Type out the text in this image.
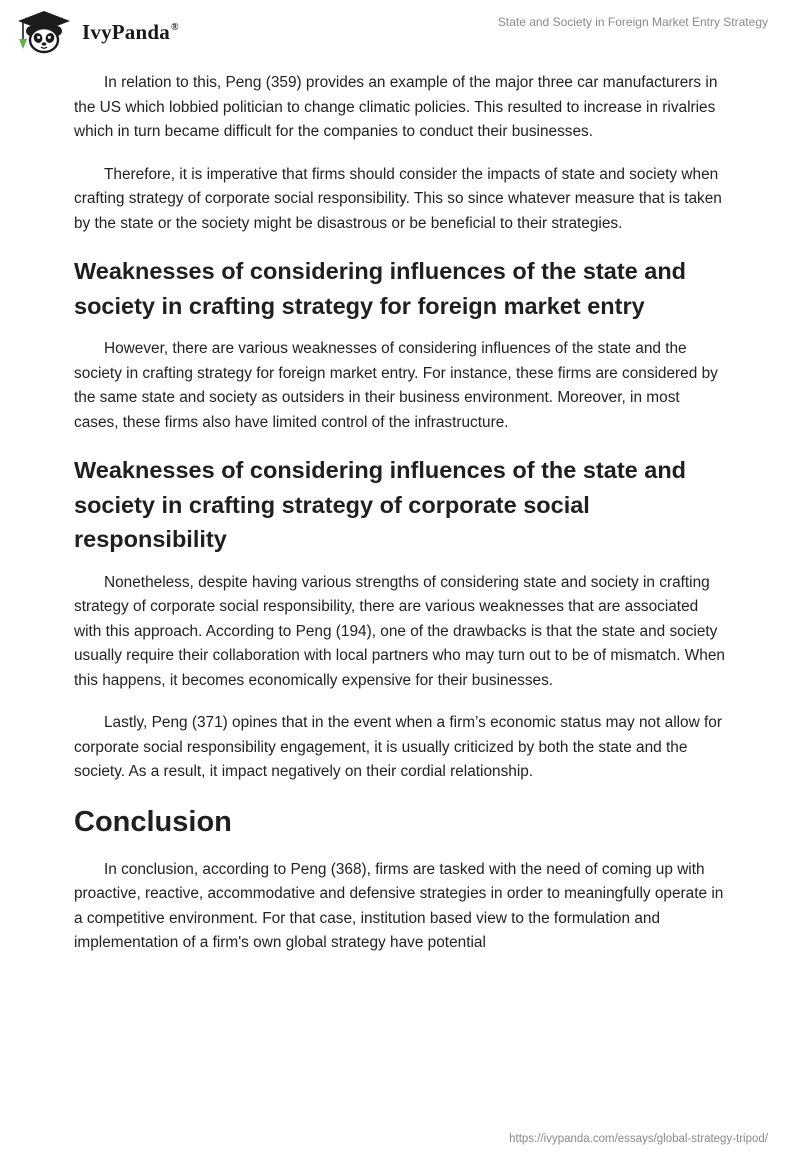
IvyPanda®	State and Society in Foreign Market Entry Strategy

In relation to this, Peng (359) provides an example of the major three car manufacturers in the US which lobbied politician to change climatic policies. This resulted to increase in rivalries which in turn became difficult for the companies to conduct their businesses.

Therefore, it is imperative that firms should consider the impacts of state and society when crafting strategy of corporate social responsibility. This so since whatever measure that is taken by the state or the society might be disastrous or be beneficial to their strategies.

Weaknesses of considering influences of the state and society in crafting strategy for foreign market entry

However, there are various weaknesses of considering influences of the state and the society in crafting strategy for foreign market entry. For instance, these firms are considered by the same state and society as outsiders in their business environment. Moreover, in most cases, these firms also have limited control of the infrastructure.

Weaknesses of considering influences of the state and society in crafting strategy of corporate social responsibility

Nonetheless, despite having various strengths of considering state and society in crafting strategy of corporate social responsibility, there are various weaknesses that are associated with this approach. According to Peng (194), one of the drawbacks is that the state and society usually require their collaboration with local partners who may turn out to be of mismatch. When this happens, it becomes economically expensive for their businesses.

Lastly, Peng (371) opines that in the event when a firm’s economic status may not allow for corporate social responsibility engagement, it is usually criticized by both the state and the society. As a result, it impact negatively on their cordial relationship.

Conclusion

In conclusion, according to Peng (368), firms are tasked with the need of coming up with proactive, reactive, accommodative and defensive strategies in order to meaningfully operate in a competitive environment. For that case, institution based view to the formulation and implementation of a firm's own global strategy have potential

https://ivypanda.com/essays/global-strategy-tripod/
